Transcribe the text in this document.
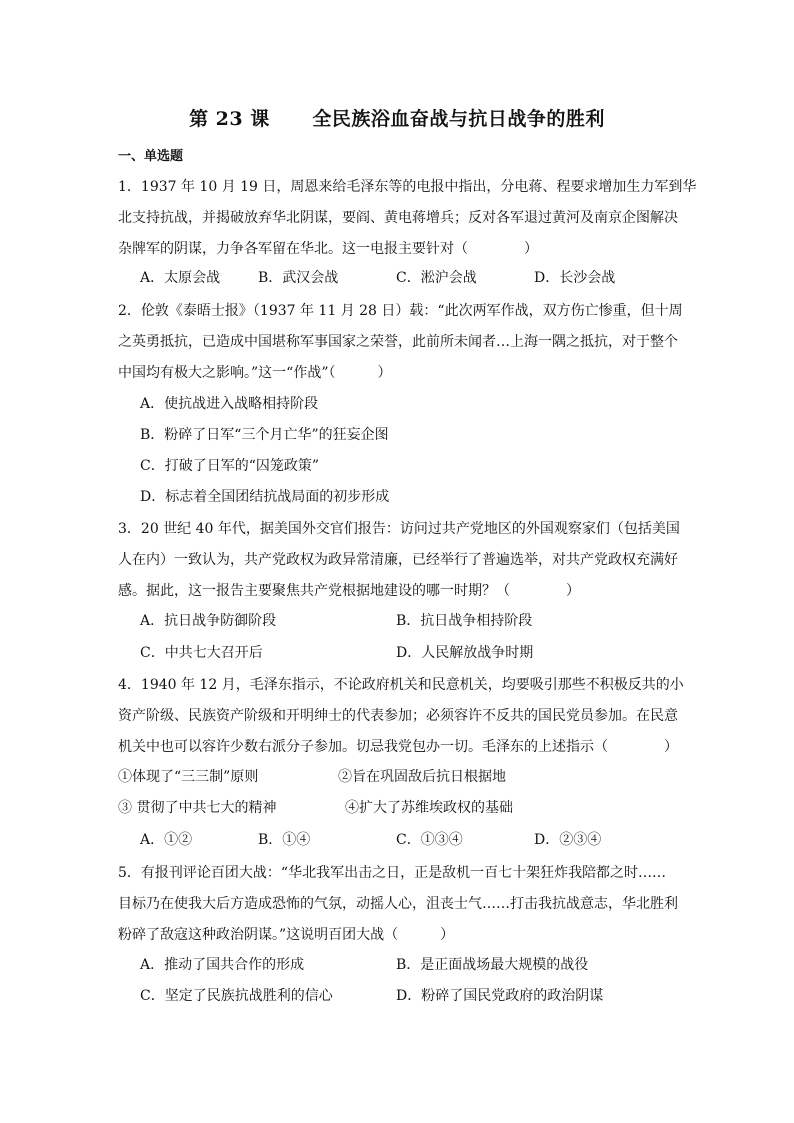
第 23 课      全民族浴血奋战与抗日战争的胜利
一、单选题

1．1937 年 10 月 19 日，周恩来给毛泽东等的电报中指出，分电蒋、程要求增加生力军到华

北支持抗战，并揭破放弃华北阴谋，要阎、黄电蒋增兵；反对各军退过黄河及南京企图解决

杂牌军的阴谋，力争各军留在华北。这一电报主要针对（　　　　）

A．太原会战	B．武汉会战	C．淞沪会战	D．长沙会战

2．伦敦《泰晤士报》（1937 年 11 月 28 日）载：“此次两军作战，双方伤亡惨重，但十周

之英勇抵抗，已造成中国堪称军事国家之荣誉，此前所未闻者…上海一隅之抵抗，对于整个

中国均有极大之影响。”这一“作战”（　　　）

A．使抗战进入战略相持阶段
B．粉碎了日军“三个月亡华”的狂妄企图
C．打破了日军的“囚笼政策”
D．标志着全国团结抗战局面的初步形成

3．20 世纪 40 年代，据美国外交官们报告：访问过共产党地区的外国观察家们（包括美国

人在内）一致认为，共产党政权为政异常清廉，已经举行了普遍选举，对共产党政权充满好

感。据此，这一报告主要聚焦共产党根据地建设的哪一时期？（　　　　）

A．抗日战争防御阶段	B．抗日战争相持阶段
C．中共七大召开后	D．人民解放战争时期

4．1940 年 12 月，毛泽东指示，不论政府机关和民意机关，均要吸引那些不积极反共的小

资产阶级、民族资产阶级和开明绅士的代表参加；必须容许不反共的国民党员参加。在民意

机关中也可以容许少数右派分子参加。切忌我党包办一切。毛泽东的上述指示（　　　　）

①体现了“三三制”原则	②旨在巩固敌后抗日根据地
③ 贯彻了中共七大的精神	④扩大了苏维埃政权的基础
A．①②	B．①④	C．①③④	D．②③④

5．有报刊评论百团大战：“华北我军出击之日，正是敌机一百七十架狂炸我陪都之时……

目标乃在使我大后方造成恐怖的气氛，动摇人心，沮丧士气……打击我抗战意志，华北胜利

粉碎了敌寇这种政治阴谋。”这说明百团大战（　　　）

A．推动了国共合作的形成	B．是正面战场最大规模的战役
C．坚定了民族抗战胜利的信心	D．粉碎了国民党政府的政治阴谋
